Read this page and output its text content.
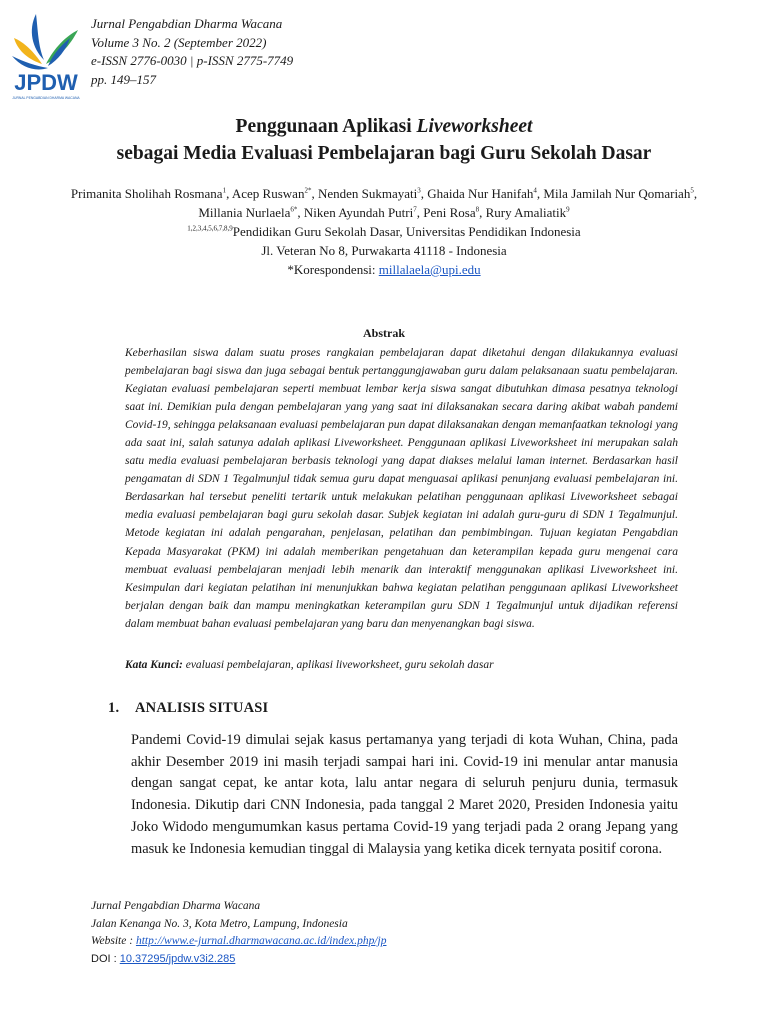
JPDW
JURNAL PENGABDIAN DHARMA WACANA
Jurnal Pengabdian Dharma Wacana
Volume 3 No. 2 (September 2022)
e-ISSN 2776-0030 | p-ISSN 2775-7749
pp. 149–157
Penggunaan Aplikasi Liveworksheet
sebagai Media Evaluasi Pembelajaran bagi Guru Sekolah Dasar
Primanita Sholihah Rosmana$^1$, Acep Ruswan$^{2*}$, Nenden Sukmayati$^3$, Ghaida Nur Hanifah$^4$, Mila Jamilah Nur Qomariah$^5$, Millania Nurlaela$^{6*}$, Niken Ayundah Putri$^7$, Peni Rosa$^8$, Rury Amaliatik$^9$
$^{1,2,3,4,5,6,7,8,9}$Pendidikan Guru Sekolah Dasar, Universitas Pendidikan Indonesia
Jl. Veteran No 8, Purwakarta 41118 - Indonesia
*Korespondensi: millalaela@upi.edu
Abstrak

Keberhasilan siswa dalam suatu proses rangkaian pembelajaran dapat diketahui dengan dilakukannya evaluasi pembelajaran bagi siswa dan juga sebagai bentuk pertanggungjawaban guru dalam pelaksanaan suatu pembelajaran. Kegiatan evaluasi pembelajaran seperti membuat lembar kerja siswa sangat dibutuhkan dimasa pesatnya teknologi saat ini. Demikian pula dengan pembelajaran yang yang saat ini dilaksanakan secara daring akibat wabah pandemi Covid-19, sehingga pelaksanaan evaluasi pembelajaran pun dapat dilaksanakan dengan memanfaatkan teknologi yang ada saat ini, salah satunya adalah aplikasi Liveworksheet. Penggunaan aplikasi Liveworksheet ini merupakan salah satu media evaluasi pembelajaran berbasis teknologi yang dapat diakses melalui laman internet. Berdasarkan hasil pengamatan di SDN 1 Tegalmunjul tidak semua guru dapat menguasai aplikasi penunjang evaluasi pembelajaran ini. Berdasarkan hal tersebut peneliti tertarik untuk melakukan pelatihan penggunaan aplikasi Liveworksheet sebagai media evaluasi pembelajaran bagi guru sekolah dasar. Subjek kegiatan ini adalah guru-guru di SDN 1 Tegalmunjul. Metode kegiatan ini adalah pengarahan, penjelasan, pelatihan dan pembimbingan. Tujuan kegiatan Pengabdian Kepada Masyarakat (PKM) ini adalah memberikan pengetahuan dan keterampilan kepada guru mengenai cara membuat evaluasi pembelajaran menjadi lebih menarik dan interaktif menggunakan aplikasi Liveworksheet ini. Kesimpulan dari kegiatan pelatihan ini menunjukkan bahwa kegiatan pelatihan penggunaan aplikasi Liveworksheet berjalan dengan baik dan mampu meningkatkan keterampilan guru SDN 1 Tegalmunjul untuk dijadikan referensi dalam membuat bahan evaluasi pembelajaran yang baru dan menyenangkan bagi siswa.

Kata Kunci: evaluasi pembelajaran, aplikasi liveworksheet, guru sekolah dasar
1. ANALISIS SITUASI

Pandemi Covid-19 dimulai sejak kasus pertamanya yang terjadi di kota Wuhan, China, pada akhir Desember 2019 ini masih terjadi sampai hari ini. Covid-19 ini menular antar manusia dengan sangat cepat, ke antar kota, lalu antar negara di seluruh penjuru dunia, termasuk Indonesia. Dikutip dari CNN Indonesia, pada tanggal 2 Maret 2020, Presiden Indonesia yaitu Joko Widodo mengumumkan kasus pertama Covid-19 yang terjadi pada 2 orang Jepang yang masuk ke Indonesia kemudian tinggal di Malaysia yang ketika dicek ternyata positif corona.

Jurnal Pengabdian Dharma Wacana
Jalan Kenanga No. 3, Kota Metro, Lampung, Indonesia
Website : http://www.e-jurnal.dharmawacana.ac.id/index.php/jp
DOI : 10.37295/jpdw.v3i2.285
